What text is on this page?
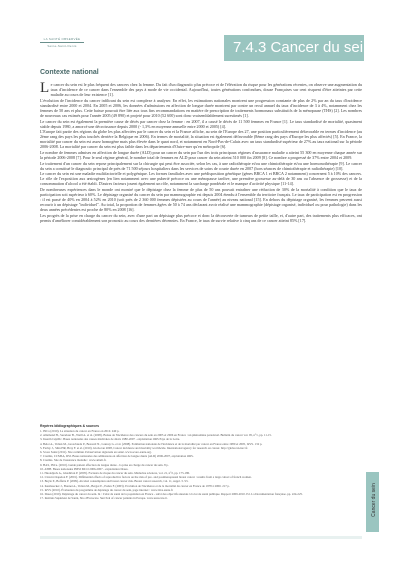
LA SANTÉ OBSERVÉE
Seine-Saint-Denis	7.4.3 Cancer du sein
Contexte national
L e cancer du sein est le plus fréquent des cancers chez la femme. Du fait d'un diagnostic plus précoce et de l'élévation du risque pour les générations récentes, on observe une augmentation du taux d'incidence de ce cancer dans l'ensemble des pays à mode de vie occidental. Aujourd'hui, toutes générations confondues, douze Françaises sur cent risquent d'être atteintes par cette maladie au cours de leur existence [1].

L'évolution de l'incidence du cancer infiltrant du sein est complexe à analyser. En effet, les estimations nationales montrent une progression constante de plus de 2% par an du taux d'incidence standardisé entre 2000 et 2004. En 2005 et 2006, les données d'admissions en affection de longue durée montrent par contre un recul annuel du taux d'incidence de 3 à 4%, notamment chez les femmes de 50 ans et plus. Cette baisse pourrait être liée aux tous fins recommandations en matière de prescription de traitements hormonaux substitutifs de la ménopause (THS) [2]. Les nombres de nouveaux cas estimés pour l'année 2005 (49 890) et projeté pour 2010 (52 600) sont donc vraisemblablement surestimés [1].

Le cancer du sein est également la première cause de décès par cancer chez la femme : en 2007, il a causé le décès de 11 500 femmes en France [1]. Le taux standardisé de mortalité, quasiment stable depuis 1980, a amorcé une décroissance depuis 2000 (- 1,3% en moyenne annuelle entre 2000 et 2005) [4].

L'Europe fait partie des régions du globe les plus affectées par le cancer du sein et la France affiche, au sein de l'Europe des 27, une position particulièrement défavorable en termes d'incidence (au 2ème rang des pays les plus touchés derrière la Belgique en 2006). En termes de mortalité, la situation est également défavorable (8ème rang des pays d'Europe les plus affectés) [5]. En France, la mortalité par cancer du sein est assez homogène mais plus élevée dans le quart nord, et notamment en Nord-Pas-de-Calais avec un taux standardisé supérieur de 27% au taux national sur la période 2006-2008. La mortalité par cancer du sein est plus faible dans les départements d'Outre-mer qu'en métropole [6].

Le nombre de femmes admises en affection de longue durée (ALD) pour un cancer du sein par l'un des trois principaux régimes d'assurance maladie a atteint 55 300 en moyenne chaque année sur la période 2006-2008 [7]. Pour le seul régime général, le nombre total de femmes en ALD pour cancer du sein atteint 510 000 fin 2009 [8]. Ce nombre a progressé de 37% entre 2004 et 2009.

Le traitement d'un cancer du sein repose principalement sur la chirurgie qui peut être associée, selon les cas, à une radiothérapie et/ou une chimiothérapie et/ou une hormonothérapie [9]. Le cancer du sein a constitué le diagnostic principal de près de 71 500 séjours hospitaliers dans les services de soins de courte durée en 2007 (hors séances de chimiothérapie et radiothérapie) [10].

Le cancer du sein est une maladie multifactorielle et polygénique. Les formes familiales avec une prédisposition génétique (gènes BRCA 1 et BRCA 2 notamment) concernent 5 à 10% des cancers. Le rôle de l'exposition aux œstrogènes (en lien notamment avec une puberté précoce ou une ménopause tardive, une première grossesse au-delà de 30 ans ou l'absence de grossesse) et de la consommation d'alcool a été établi. D'autres facteurs jouent également un rôle, notamment la surcharge pondérale et le manque d'activité physique [11-14].

De nombreuses expériences dans le monde ont montré que le dépistage chez la femme de plus de 50 ans pouvait entraîner une réduction de 30% de la mortalité à condition que le taux de participation soit supérieur à 60%. Le dépistage organisé du cancer du sein par mammographie est depuis 2004 étendu à l'ensemble du territoire français. Le taux de participation est en progression : il est passé de 40% en 2004 à 52% en 2010 (soit près de 2 360 000 femmes dépistées au cours de l'année) au niveau national [15]. En dehors du dépistage organisé, les femmes peuvent aussi recourir à un dépistage "individuel". Au total, la proportion de femmes âgées de 50 à 74 ans déclarant avoir réalisé une mammographie (dépistage organisé, individuel ou pour pathologie) dans les deux années précédentes est proche de 80% en 2008 [16].

Les progrès de la prise en charge du cancer du sein, avec d'une part un dépistage plus précoce et donc la découverte de tumeurs de petite taille, et, d'autre part, des traitements plus efficaces, ont permis d'améliorer considérablement son pronostic au cours des dernières décennies. En France, le taux de survie relative à cinq ans de ce cancer atteint 85% [17].

Repères bibliographiques & sources
1. INCa (2010). La situation du cancer en France en 2010. 240 p.
2. Allemand H., Seradour B., Weill A. et al. (2008). Baisse de l'incidence des cancers du sein en 2005 et 2006 en France : un phénomène paradoxal. Bulletin du cancer vol. 95, n°1, pp. 11-15.
3. Inserm CépiDc. Bases nationales des causes médicales de décès 1980-2007 - exploitation ORS Pays de la Loire.
4. Belot A., Velten M., Grosclaude P., Bossard N., Launoy G. et al. (2008). Estimation nationale de l'incidence et de la mortalité par cancer en France entre 1980 et 2005, InVS. 132 p.
5. Ferlay J., Shin HR, Bray F. et al. (2010). Globocan 2008, Cancer incidence and mortality worldwide. International agency for research on cancer. http://globocan.iarc.fr.
6. Score Santé (2011). Site commun d'observation régionale en santé. www.score-sante.org.
7. Cnamts, CCMSA, RSI. Bases nationales des admissions en affection de longue durée (ALD) 2006-2007, exploitation ORS.
8. Cnamts. Site de l'assurance maladie : www.ameli.fr.
9. HAS, INCa. (2010). Guide patient affection de longue durée - la prise en charge du cancer du sein. 8 p.
10. ATIH. Bases nationales PMSI MCO 2006-2007 - exploitation Drees.
11. Nkondjock A., Ghadirian P. (2005). Facteurs de risque du cancer du sein. Médecine sciences, vol. 21, n°2, pp. 175-180.
12. Clavel-Chapelon F. (2001). Différential effects of reproductive factors on the risk of pre- and postmenopausal breast cancer : results from a large cohort of french women.
13. Boyle P., Boffetta P. (2009). Alcohol consumption and breast cancer risk. Breast cancer research, vol. 11, suppl. 3. S3.
14. Kesmaecker J., Bonnet A., Velten M., Bergot E., Eudes F. (2003). Evolution de l'incidence et de la mortalité du cancer en France de 1978 à 2000. 217 p.
15. InVS (2010). Évaluation du programme de dépistage du cancer du sein, page internet : www.invs.sante.fr
16. Drees (2010). Dépistage du cancer du sein. In : L'état de santé de la population en France - suivi des objectifs annexés à la loi de santé publique. Rapport 2009-2010. Ed. La Documentation française. pp. 224-225.
17. Instituts Supérieur de Santé, Sito d'Eurocare. Survival of cancer patients in Europe. www.eurocare.it.	Cancer du sein
